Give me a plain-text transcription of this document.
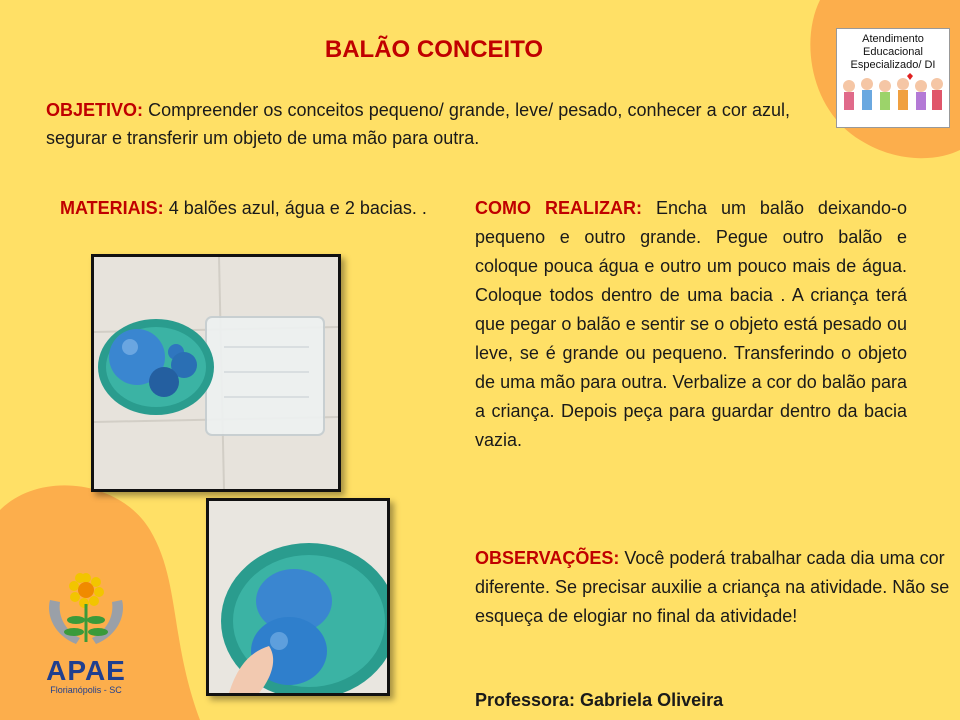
BALÃO CONCEITO
OBJETIVO: Compreender os conceitos pequeno/ grande, leve/ pesado, conhecer a cor azul, segurar e transferir um objeto de uma mão para outra.
MATERIAIS: 4 balões azul, água e 2 bacias. .	COMO REALIZAR: Encha um balão deixando-o pequeno e outro grande. Pegue outro balão e coloque pouca água e outro um pouco mais de água. Coloque todos dentro de uma bacia . A criança terá que pegar o balão e sentir se o objeto está pesado ou leve, se é grande ou pequeno. Transferindo o objeto de uma mão para outra. Verbalize a cor do balão para a criança. Depois peça para guardar dentro da bacia vazia.
OBSERVAÇÕES: Você poderá trabalhar cada dia uma cor diferente. Se precisar auxilie a criança na atividade. Não se esqueça de elogiar no final da atividade!
Professora: Gabriela Oliveira
Atendimento
Educacional
Especializado/ DI
APAE
Florianópolis - SC
